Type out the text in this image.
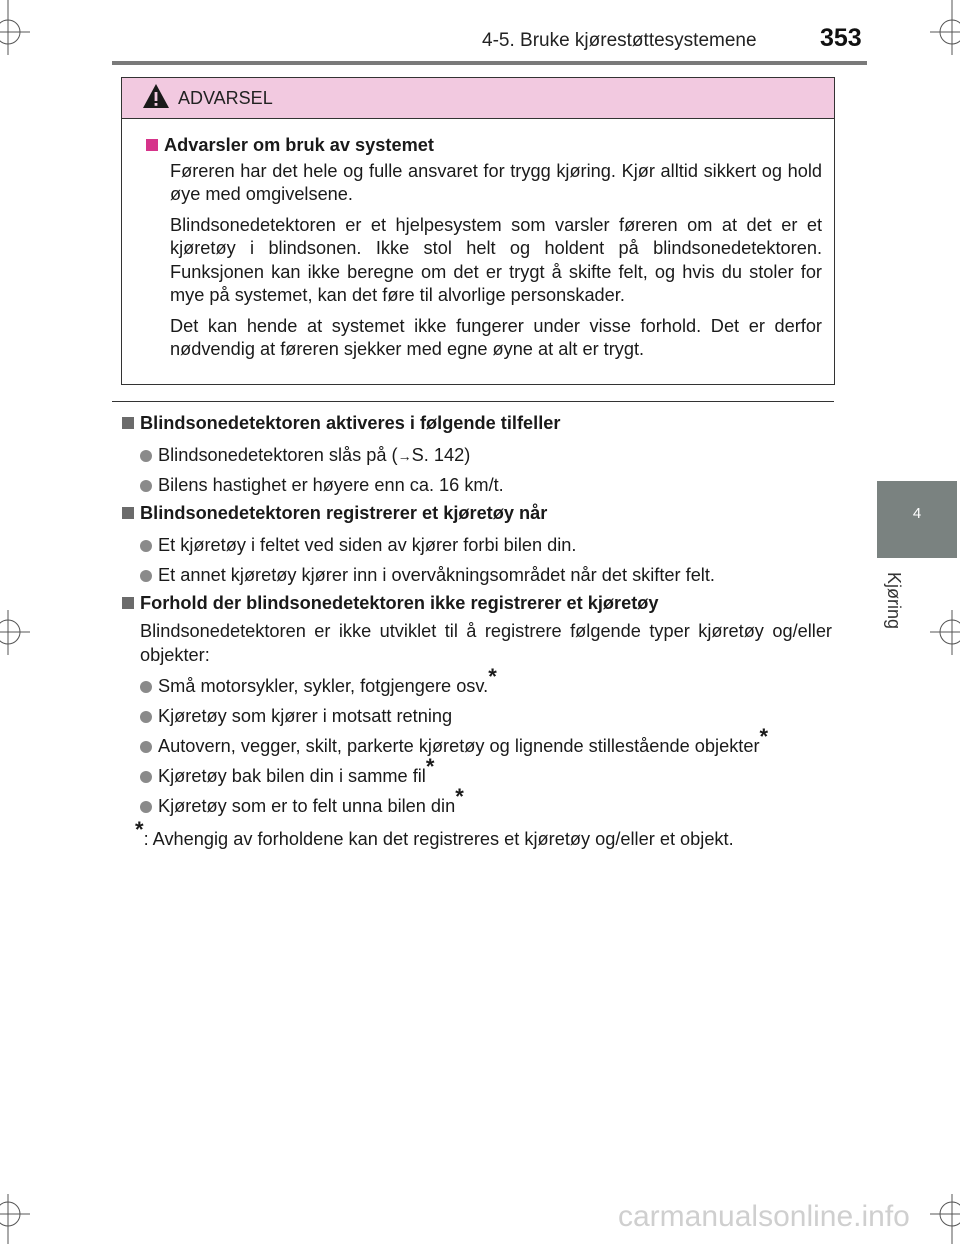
4-5. Bruke kjørestøttesystemene	353
4
Kjøring
ADVARSEL
Advarsler om bruk av systemet

Føreren har det hele og fulle ansvaret for trygg kjøring. Kjør alltid sikkert og hold øye med omgivelsene.

Blindsonedetektoren er et hjelpesystem som varsler føreren om at det er et kjøretøy i blindsonen. Ikke stol helt og holdent på blindsonedetektoren. Funksjonen kan ikke beregne om det er trygt å skifte felt, og hvis du stoler for mye på systemet, kan det føre til alvorlige personskader.

Det kan hende at systemet ikke fungerer under visse forhold. Det er derfor nødvendig at føreren sjekker med egne øyne at alt er trygt.

Blindsonedetektoren aktiveres i følgende tilfeller
Blindsonedetektoren slås på (→S. 142)
Bilens hastighet er høyere enn ca. 16 km/t.
Blindsonedetektoren registrerer et kjøretøy når
Et kjøretøy i feltet ved siden av kjører forbi bilen din.
Et annet kjøretøy kjører inn i overvåkningsområdet når det skifter felt.
Forhold der blindsonedetektoren ikke registrerer et kjøretøy
Blindsonedetektoren er ikke utviklet til å registrere følgende typer kjøretøy og/eller objekter:
Små motorsykler, sykler, fotgjengere osv.*
Kjøretøy som kjører i motsatt retning
Autovern, vegger, skilt, parkerte kjøretøy og lignende stillestående objekter*
Kjøretøy bak bilen din i samme fil*
Kjøretøy som er to felt unna bilen din*
*: Avhengig av forholdene kan det registreres et kjøretøy og/eller et objekt.
carmanualsonline.info
